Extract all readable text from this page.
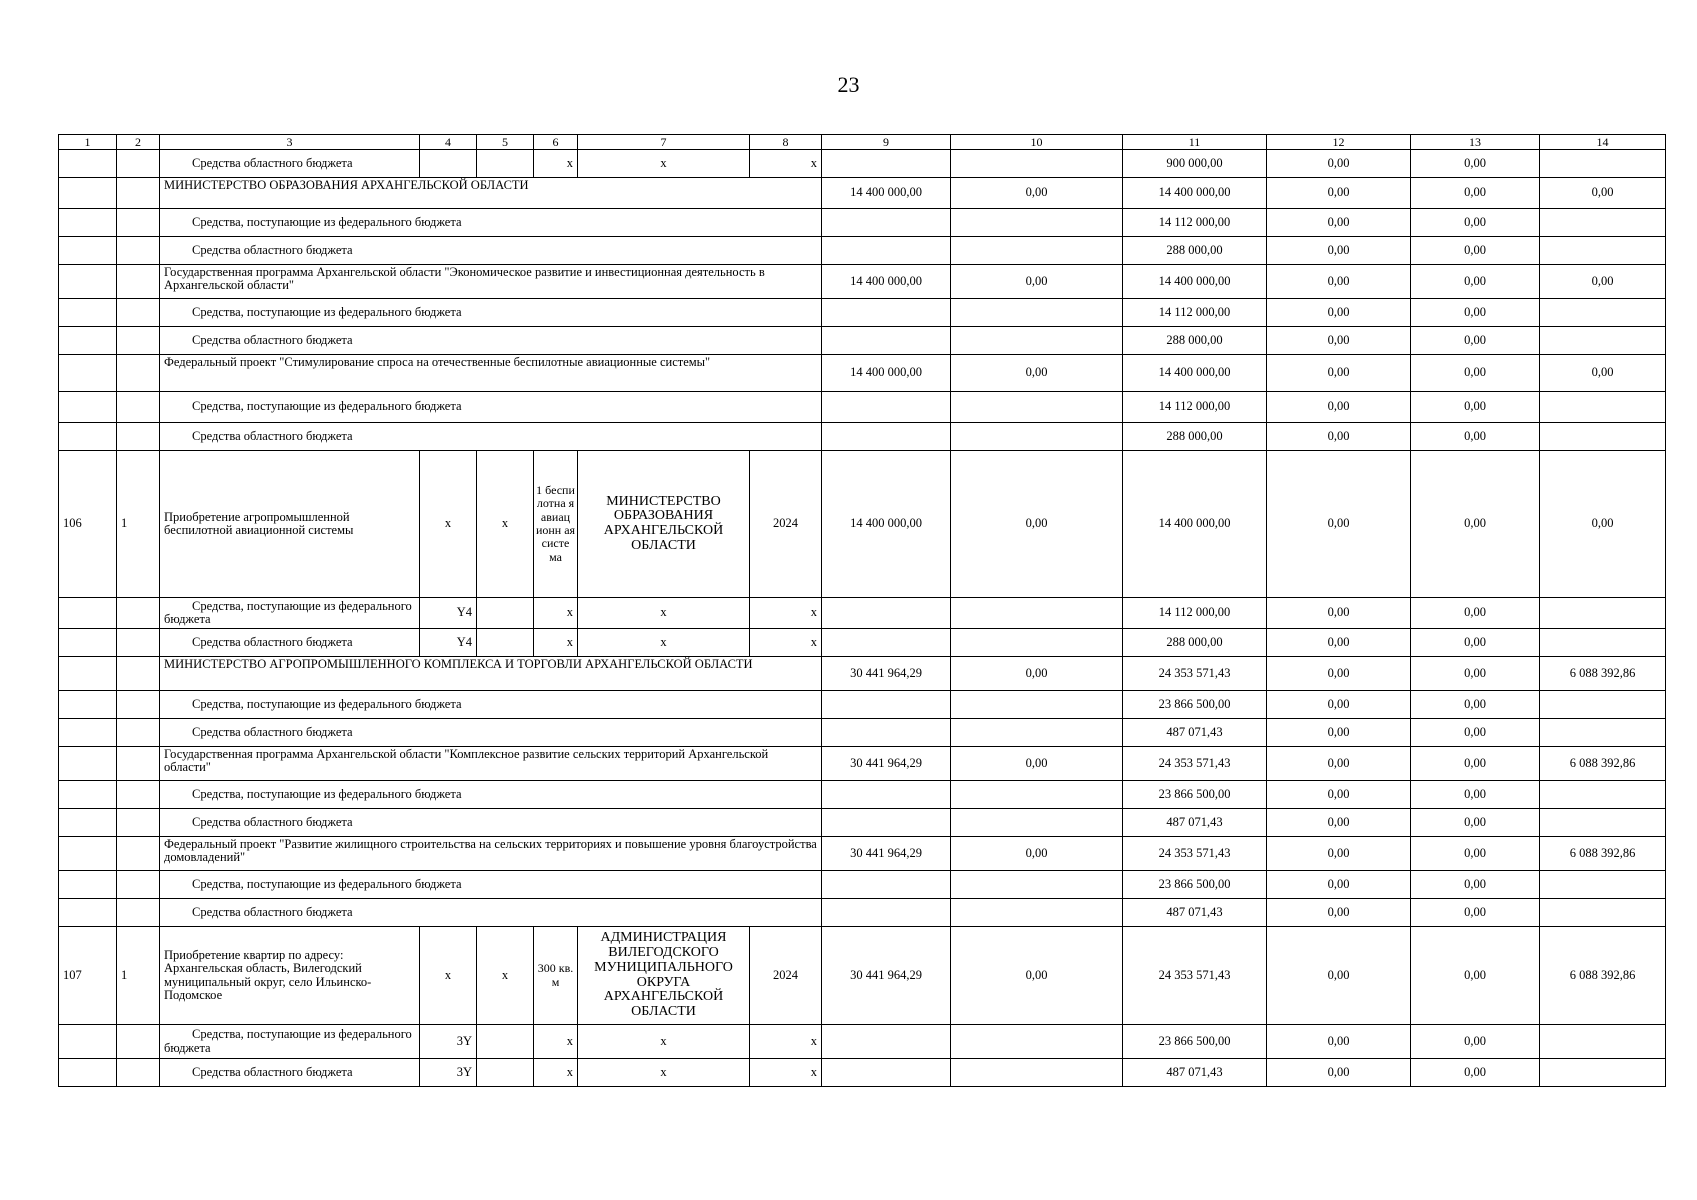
23
1	2	3	4	5	6	7	8	9	10	11	12	13	14
		Средства областного бюджета			x	x	x			900 000,00	0,00	0,00	
		МИНИСТЕРСТВО ОБРАЗОВАНИЯ АРХАНГЕЛЬСКОЙ ОБЛАСТИ						14 400 000,00	0,00	14 400 000,00	0,00	0,00	0,00
		Средства, поступающие из федерального бюджета								14 112 000,00	0,00	0,00	
		Средства областного бюджета								288 000,00	0,00	0,00	
		Государственная программа Архангельской области "Экономическое развитие и инвестиционная деятельность в Архангельской области"						14 400 000,00	0,00	14 400 000,00	0,00	0,00	0,00
		Средства, поступающие из федерального бюджета								14 112 000,00	0,00	0,00	
		Средства областного бюджета								288 000,00	0,00	0,00	
		Федеральный проект "Стимулирование спроса на отечественные беспилотные авиационные системы"						14 400 000,00	0,00	14 400 000,00	0,00	0,00	0,00
		Средства, поступающие из федерального бюджета								14 112 000,00	0,00	0,00	
		Средства областного бюджета								288 000,00	0,00	0,00	
106	1	Приобретение агропромышленной беспилотной авиационной системы	x	x	1 беспи лотна я авиац ионн ая систе ма	МИНИСТЕРСТВО ОБРАЗОВАНИЯ АРХАНГЕЛЬСКОЙ ОБЛАСТИ	2024	14 400 000,00	0,00	14 400 000,00	0,00	0,00	0,00
		Средства, поступающие из федерального бюджета	Y4		x	x	x			14 112 000,00	0,00	0,00	
		Средства областного бюджета	Y4		x	x	x			288 000,00	0,00	0,00	
		МИНИСТЕРСТВО АГРОПРОМЫШЛЕННОГО КОМПЛЕКСА И ТОРГОВЛИ АРХАНГЕЛЬСКОЙ ОБЛАСТИ						30 441 964,29	0,00	24 353 571,43	0,00	0,00	6 088 392,86
		Средства, поступающие из федерального бюджета								23 866 500,00	0,00	0,00	
		Средства областного бюджета								487 071,43	0,00	0,00	
		Государственная программа Архангельской области "Комплексное развитие сельских территорий Архангельской области"						30 441 964,29	0,00	24 353 571,43	0,00	0,00	6 088 392,86
		Средства, поступающие из федерального бюджета								23 866 500,00	0,00	0,00	
		Средства областного бюджета								487 071,43	0,00	0,00	
		Федеральный проект "Развитие жилищного строительства на сельских территориях и повышение уровня благоустройства домовладений"						30 441 964,29	0,00	24 353 571,43	0,00	0,00	6 088 392,86
		Средства, поступающие из федерального бюджета								23 866 500,00	0,00	0,00	
		Средства областного бюджета								487 071,43	0,00	0,00	
107	1	Приобретение квартир по адресу: Архангельская область, Вилегодский муниципальный округ, село Ильинско-Подомское	x	x	300 кв. м	АДМИНИСТРАЦИЯ ВИЛЕГОДСКОГО МУНИЦИПАЛЬНОГО ОКРУГА АРХАНГЕЛЬСКОЙ ОБЛАСТИ	2024	30 441 964,29	0,00	24 353 571,43	0,00	0,00	6 088 392,86
		Средства, поступающие из федерального бюджета	3Y		x	x	x			23 866 500,00	0,00	0,00	
		Средства областного бюджета	3Y		x	x	x			487 071,43	0,00	0,00	
